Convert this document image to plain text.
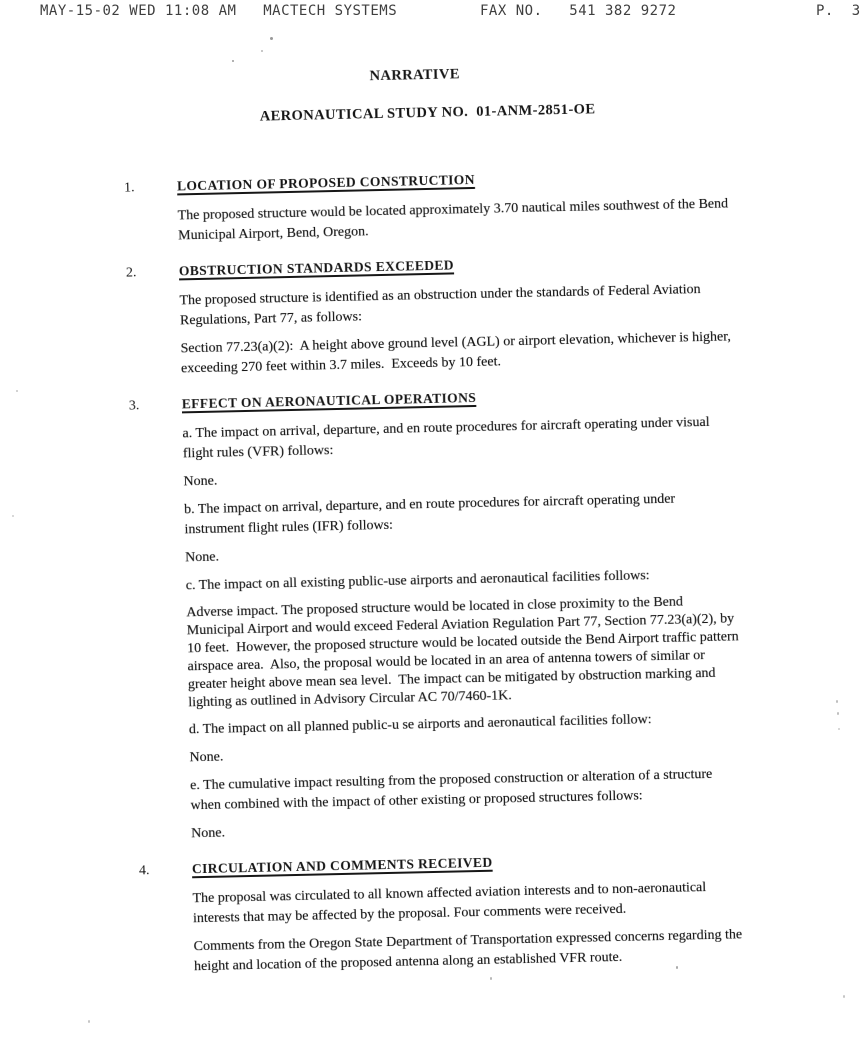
MAY-15-02 WED 11:08 AM   MACTECH SYSTEMS

	FAX NO.   541 382 9272

	P.  3

NARRATIVE

AERONAUTICAL STUDY NO.  01-ANM-2851-OE

1.	LOCATION OF PROPOSED CONSTRUCTION

The proposed structure would be located approximately 3.70 nautical miles southwest of the Bend Municipal Airport, Bend, Oregon.

2.	OBSTRUCTION STANDARDS EXCEEDED

The proposed structure is identified as an obstruction under the standards of Federal Aviation Regulations, Part 77, as follows:

Section 77.23(a)(2):  A height above ground level (AGL) or airport elevation, whichever is higher, exceeding 270 feet within 3.7 miles.  Exceeds by 10 feet.

3.	EFFECT ON AERONAUTICAL OPERATIONS

a. The impact on arrival, departure, and en route procedures for aircraft operating under visual flight rules (VFR) follows:

None.

b. The impact on arrival, departure, and en route procedures for aircraft operating under instrument flight rules (IFR) follows:

None.

c. The impact on all existing public-use airports and aeronautical facilities follows:

Adverse impact. The proposed structure would be located in close proximity to the Bend Municipal Airport and would exceed Federal Aviation Regulation Part 77, Section 77.23(a)(2), by 10 feet.  However, the proposed structure would be located outside the Bend Airport traffic pattern airspace area.  Also, the proposal would be located in an area of antenna towers of similar or greater height above mean sea level.  The impact can be mitigated by obstruction marking and lighting as outlined in Advisory Circular AC 70/7460-1K.

d. The impact on all planned public-u se airports and aeronautical facilities follow:

None.

e. The cumulative impact resulting from the proposed construction or alteration of a structure when combined with the impact of other existing or proposed structures follows:

None.

4.	CIRCULATION AND COMMENTS RECEIVED

The proposal was circulated to all known affected aviation interests and to non-aeronautical interests that may be affected by the proposal. Four comments were received.

Comments from the Oregon State Department of Transportation expressed concerns regarding the height and location of the proposed antenna along an established VFR route.
